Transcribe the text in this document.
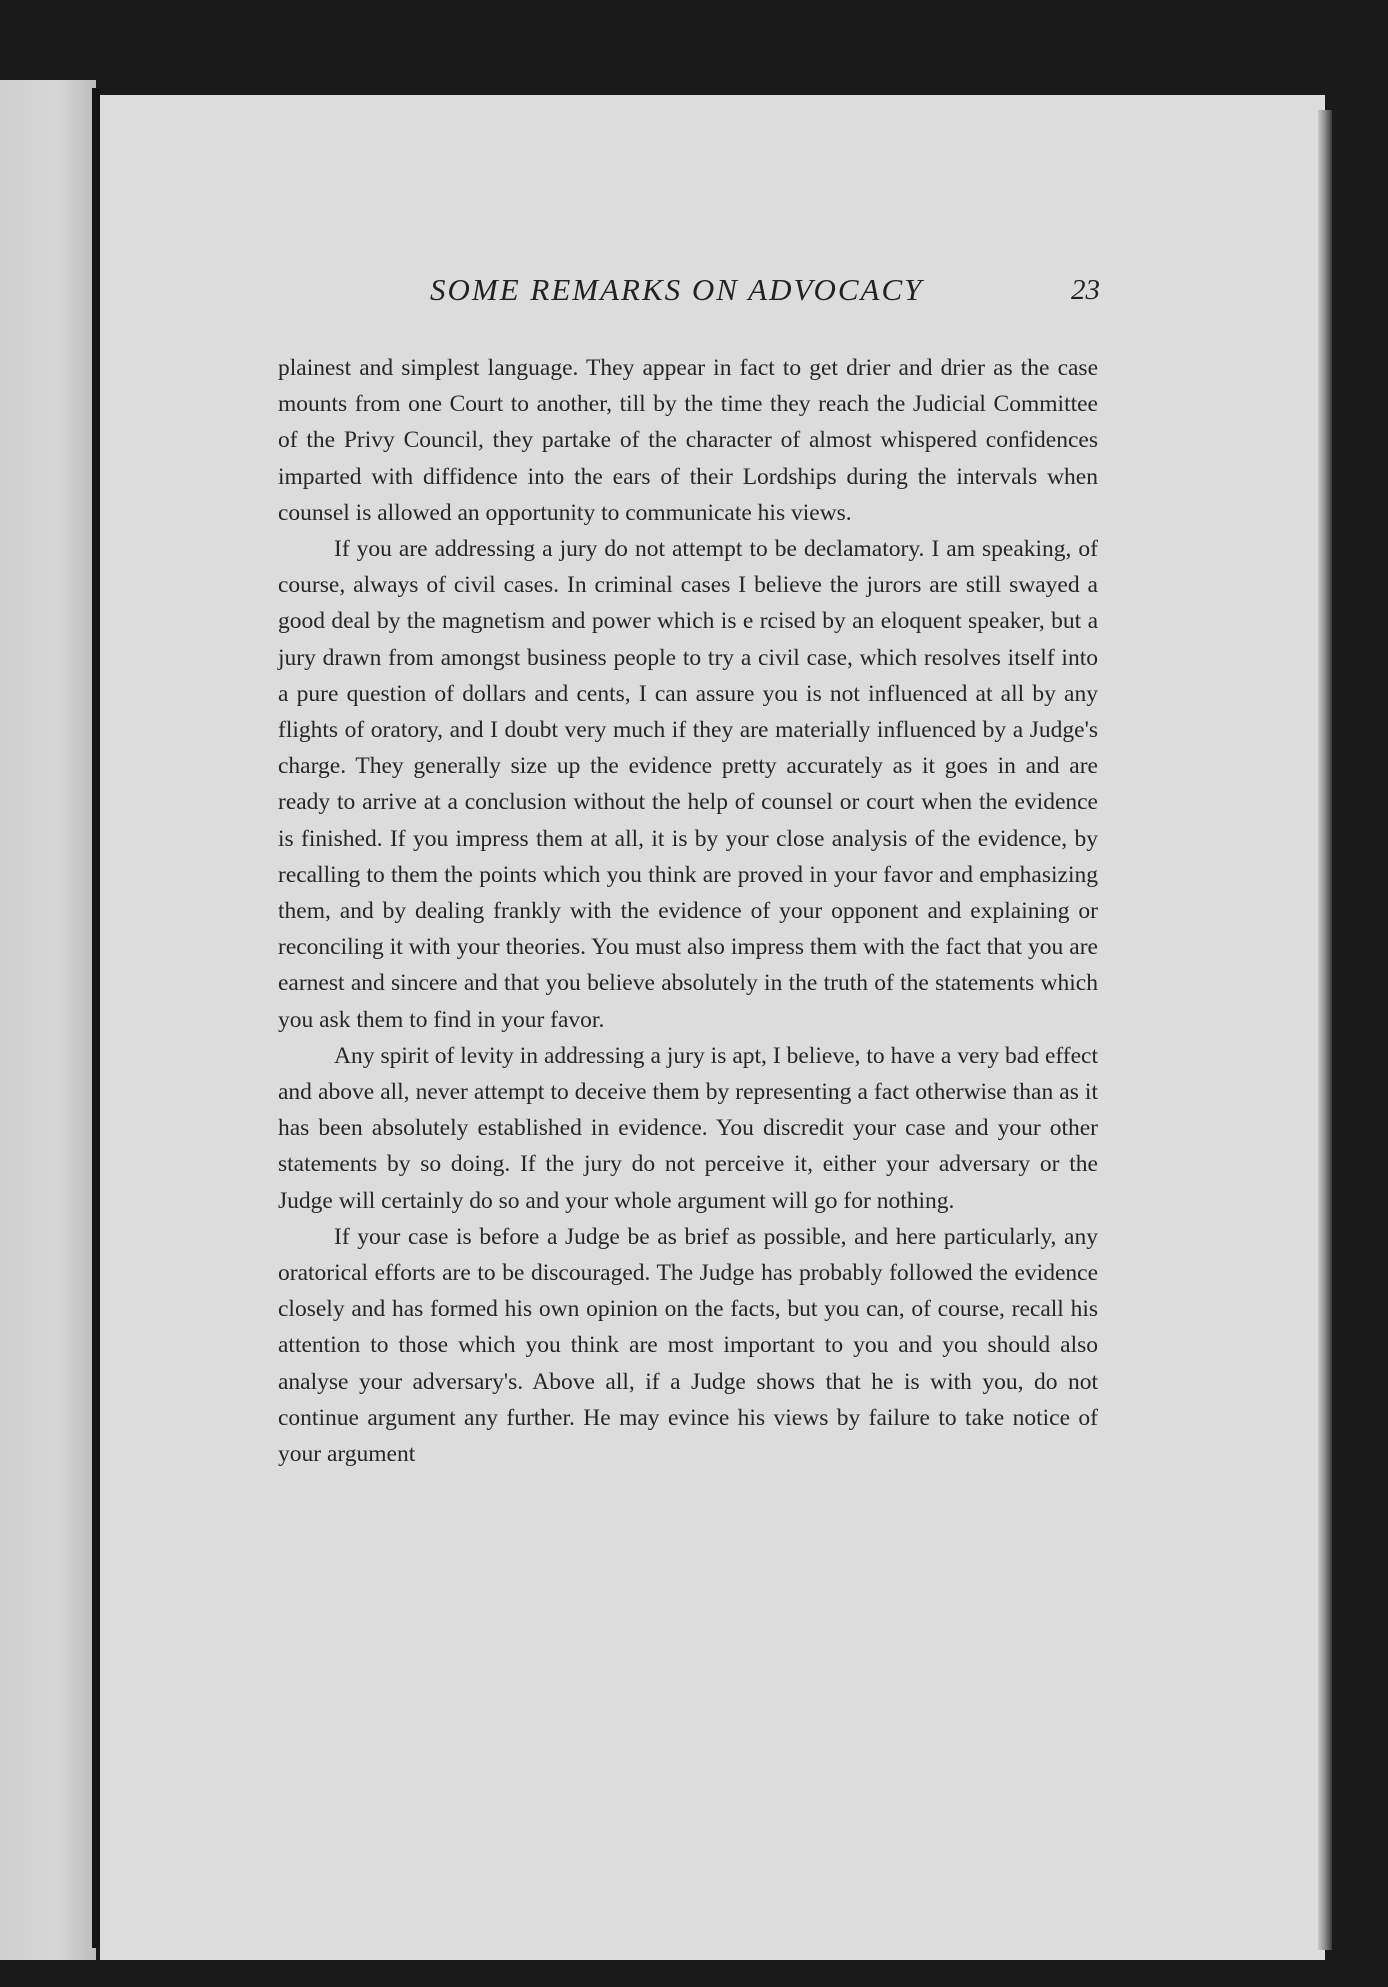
SOME REMARKS ON ADVOCACY	23

plainest and simplest language. They appear in fact to get drier and drier as the case mounts from one Court to another, till by the time they reach the Judicial Committee of the Privy Council, they partake of the character of almost whispered confidences imparted with diffidence into the ears of their Lordships during the intervals when counsel is allowed an opportunity to communicate his views.

If you are addressing a jury do not attempt to be declamatory. I am speaking, of course, always of civil cases. In criminal cases I believe the jurors are still swayed a good deal by the magnetism and power which is e rcised by an eloquent speaker, but a jury drawn from amongst business people to try a civil case, which resolves itself into a pure question of dollars and cents, I can assure you is not influenced at all by any flights of oratory, and I doubt very much if they are materially influenced by a Judge's charge. They generally size up the evidence pretty accurately as it goes in and are ready to arrive at a conclusion without the help of counsel or court when the evidence is finished. If you impress them at all, it is by your close analysis of the evidence, by recalling to them the points which you think are proved in your favor and emphasizing them, and by dealing frankly with the evidence of your opponent and explaining or reconciling it with your theories. You must also impress them with the fact that you are earnest and sincere and that you believe absolutely in the truth of the statements which you ask them to find in your favor.

Any spirit of levity in addressing a jury is apt, I believe, to have a very bad effect and above all, never attempt to deceive them by representing a fact otherwise than as it has been absolutely established in evidence. You discredit your case and your other statements by so doing. If the jury do not perceive it, either your adversary or the Judge will certainly do so and your whole argument will go for nothing.

If your case is before a Judge be as brief as possible, and here particularly, any oratorical efforts are to be discouraged. The Judge has probably followed the evidence closely and has formed his own opinion on the facts, but you can, of course, recall his attention to those which you think are most important to you and you should also analyse your adversary's. Above all, if a Judge shows that he is with you, do not continue argument any further. He may evince his views by failure to take notice of your argument
